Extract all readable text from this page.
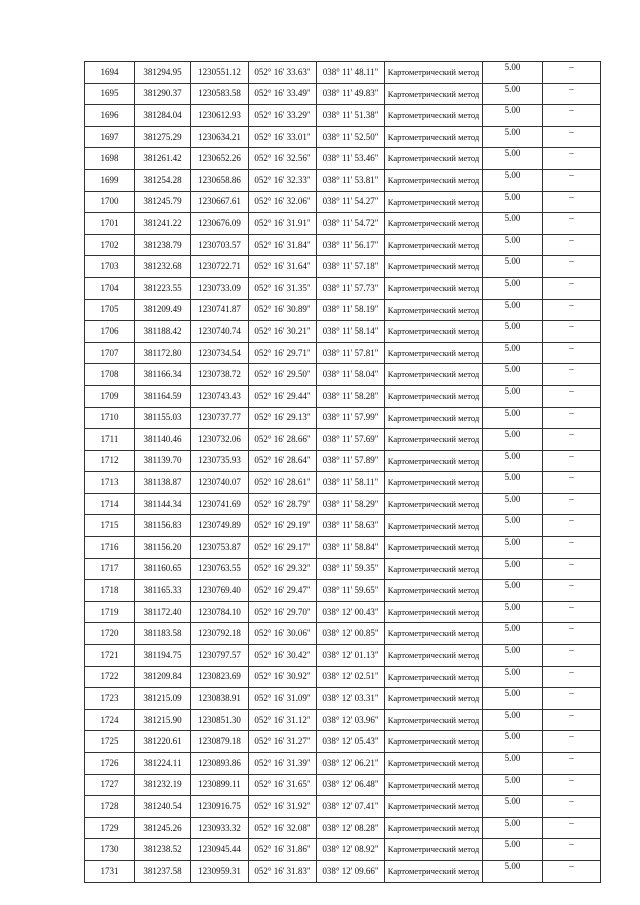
1694	381294.95	1230551.12	052° 16' 33.63"	038° 11' 48.11"	Картометрический метод	5.00	–
1695	381290.37	1230583.58	052° 16' 33.49"	038° 11' 49.83"	Картометрический метод	5.00	–
1696	381284.04	1230612.93	052° 16' 33.29"	038° 11' 51.38"	Картометрический метод	5.00	–
1697	381275.29	1230634.21	052° 16' 33.01"	038° 11' 52.50"	Картометрический метод	5.00	–
1698	381261.42	1230652.26	052° 16' 32.56"	038° 11' 53.46"	Картометрический метод	5.00	–
1699	381254.28	1230658.86	052° 16' 32.33"	038° 11' 53.81"	Картометрический метод	5.00	–
1700	381245.79	1230667.61	052° 16' 32.06"	038° 11' 54.27"	Картометрический метод	5.00	–
1701	381241.22	1230676.09	052° 16' 31.91"	038° 11' 54.72"	Картометрический метод	5.00	–
1702	381238.79	1230703.57	052° 16' 31.84"	038° 11' 56.17"	Картометрический метод	5.00	–
1703	381232.68	1230722.71	052° 16' 31.64"	038° 11' 57.18"	Картометрический метод	5.00	–
1704	381223.55	1230733.09	052° 16' 31.35"	038° 11' 57.73"	Картометрический метод	5.00	–
1705	381209.49	1230741.87	052° 16' 30.89"	038° 11' 58.19"	Картометрический метод	5.00	–
1706	381188.42	1230740.74	052° 16' 30.21"	038° 11' 58.14"	Картометрический метод	5.00	–
1707	381172.80	1230734.54	052° 16' 29.71"	038° 11' 57.81"	Картометрический метод	5.00	–
1708	381166.34	1230738.72	052° 16' 29.50"	038° 11' 58.04"	Картометрический метод	5.00	–
1709	381164.59	1230743.43	052° 16' 29.44"	038° 11' 58.28"	Картометрический метод	5.00	–
1710	381155.03	1230737.77	052° 16' 29.13"	038° 11' 57.99"	Картометрический метод	5.00	–
1711	381140.46	1230732.06	052° 16' 28.66"	038° 11' 57.69"	Картометрический метод	5.00	–
1712	381139.70	1230735.93	052° 16' 28.64"	038° 11' 57.89"	Картометрический метод	5.00	–
1713	381138.87	1230740.07	052° 16' 28.61"	038° 11' 58.11"	Картометрический метод	5.00	–
1714	381144.34	1230741.69	052° 16' 28.79"	038° 11' 58.29"	Картометрический метод	5.00	–
1715	381156.83	1230749.89	052° 16' 29.19"	038° 11' 58.63"	Картометрический метод	5.00	–
1716	381156.20	1230753.87	052° 16' 29.17"	038° 11' 58.84"	Картометрический метод	5.00	–
1717	381160.65	1230763.55	052° 16' 29.32"	038° 11' 59.35"	Картометрический метод	5.00	–
1718	381165.33	1230769.40	052° 16' 29.47"	038° 11' 59.65"	Картометрический метод	5.00	–
1719	381172.40	1230784.10	052° 16' 29.70"	038° 12' 00.43"	Картометрический метод	5.00	–
1720	381183.58	1230792.18	052° 16' 30.06"	038° 12' 00.85"	Картометрический метод	5.00	–
1721	381194.75	1230797.57	052° 16' 30.42"	038° 12' 01.13"	Картометрический метод	5.00	–
1722	381209.84	1230823.69	052° 16' 30.92"	038° 12' 02.51"	Картометрический метод	5.00	–
1723	381215.09	1230838.91	052° 16' 31.09"	038° 12' 03.31"	Картометрический метод	5.00	–
1724	381215.90	1230851.30	052° 16' 31.12"	038° 12' 03.96"	Картометрический метод	5.00	–
1725	381220.61	1230879.18	052° 16' 31.27"	038° 12' 05.43"	Картометрический метод	5.00	–
1726	381224.11	1230893.86	052° 16' 31.39"	038° 12' 06.21"	Картометрический метод	5.00	–
1727	381232.19	1230899.11	052° 16' 31.65"	038° 12' 06.48"	Картометрический метод	5.00	–
1728	381240.54	1230916.75	052° 16' 31.92"	038° 12' 07.41"	Картометрический метод	5.00	–
1729	381245.26	1230933.32	052° 16' 32.08"	038° 12' 08.28"	Картометрический метод	5.00	–
1730	381238.52	1230945.44	052° 16' 31.86"	038° 12' 08.92"	Картометрический метод	5.00	–
1731	381237.58	1230959.31	052° 16' 31.83"	038° 12' 09.66"	Картометрический метод	5.00	–
